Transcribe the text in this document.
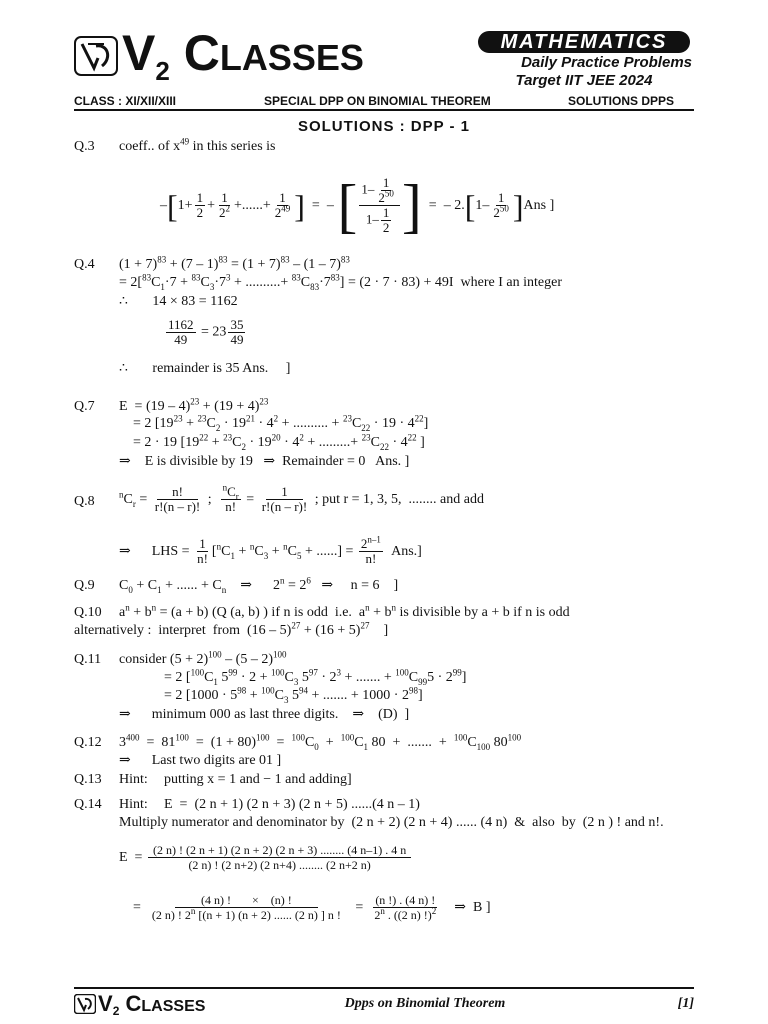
$V_2$ CLASSES	MATHEMATICS
Daily Practice Problems
Target IIT JEE 2024
CLASS : XI/XII/XIII	SPECIAL DPP ON BINOMIAL THEOREM	SOLUTIONS DPPS
SOLUTIONS : DPP - 1
Q.3 coeff.. of $x^{49}$ in this series is
$-[1+ \frac{1}{2} + \frac{1}{2^2}$ +......+ $\frac{1}{2^{49}}$ ]  =  – [ $\frac{1- \frac{1}{2^{50}}}{1- \frac{1}{2}}$ ]  =  – $2.[1- \frac{1}{2^{50}} ]Ans$ ]
Q.4 $(1 + 7)^{83} + (7 - 1)^{83} = (1 + 7)^{83} - (1 - 7)^{83}$
= $2[^{83}C_1\cdot 7 + ^{83}C_3\cdot 7^3$ + ..........+ $^{83}C_{83}\cdot 7^{83}] = (2 \cdot 7 \cdot 83) + 49I$  where I an integer
∴       14 × 83 = 1162
$\frac{1162}{49} = 23 \frac{35}{49}$
∴       remainder is 35 Ans.     ]
Q.7 $E = (19 - 4)^{23} + (19 + 4)^{23}$
= 2 [$19^{23} + ^{23}C_2 \cdot 19^{21} \cdot 4^2$ + .......... + $^{23}C_{22} \cdot 19 \cdot 4^{22}$]
= 2 · 19 [$19^{22} + ^{23}C_2 \cdot 19^{20} \cdot 4^2$ + .........+ $^{23}C_{22} \cdot 4^{22}$ ]
⇒    E is divisible by 19   ⇒  Remainder = 0   Ans. ]
Q.8	$^nC_r = \frac{n!}{r!(n - r)!}$ ; $\frac{^nC_r}{n!} = \frac{1}{r!(n - r)!}$ ; put r = 1, 3, 5,  ........ and add
⇒      LHS = $\frac{1}{n!} [^nC_1 + ^nC_3 + ^nC_5$ + ......] = $\frac{2^{n-1}}{n!} Ans$.]
Q.9 $C_0 + C_1$ + ...... + $C_n$    ⇒      $2^n = 2^6$   ⇒     n = 6    ]
Q.10 $a^n + b^n = (a + b)$ (Q (a, b) ) if n is odd  i.e.  $a^n + b^n$ is divisible by a + b if n is odd
alternatively :  interpret  from  $(16 - 5)^{27} + (16 + 5)^{27}$    ]
Q.11 consider $(5 + 2)^{100} - (5 - 2)^{100}$
= 2 [$^{100}C_1$ $5^{99} \cdot 2 + ^{100}C_3$ $5^{97} \cdot 2^3$ + ....... + $^{100}C_{99}5 \cdot 2^{99}$]
= 2 [$1000 \cdot 5^{98} + ^{100}C_3$ $5^{94}$ + ....... + $1000 \cdot 2^{98}$]
⇒      minimum 000 as last three digits.    ⇒    (D)  ]
Q.12 $3^{400} = 81^{100} = (1 + 80)^{100} = ^{100}C_0 + ^{100}C_1$ 80  +  .......  +  $^{100}C_{100}$ $80^{100}$
⇒      Last two digits are 01 ]
Q.13 Hint: putting x = 1 and − 1 and adding]
Q.14 Hint: E  =  (2 n + 1) (2 n + 3) (2 n + 5) ......(4 n – 1)
Multiply numerator and denominator by  (2 n + 2) (2 n + 4) ...... (4 n)  &  also  by  (2 n ) ! and n!.
$E = \frac{(2 n) ! (2 n + 1) (2 n + 2) (2 n + 3) ........ (4 n-1) . 4 n}{(2 n) ! (2 n+2) (2 n+4) ........ (2 n+2 n)}$
= $\frac{(4 n) ! \times (n) !}{(2 n) ! 2^n [(n + 1) (n + 2) ...... (2 n) ] n !} = \frac{(n !) . (4 n) !}{2^n . ((2 n) !)^2}$ ⇒  B ]
V2 CLASSES	Dpps on Binomial Theorem	[1]
